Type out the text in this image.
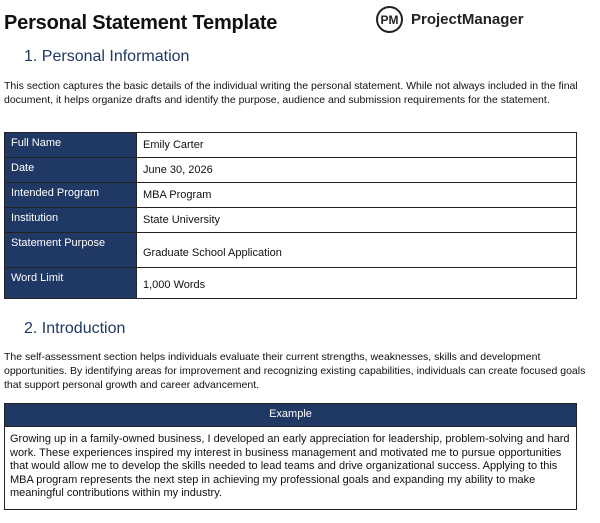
Personal Statement Template	PM ProjectManager
1. Personal Information
This section captures the basic details of the individual writing the personal statement. While not always included in the final document, it helps organize drafts and identify the purpose, audience and submission requirements for the statement.
Full Name	Emily Carter
Date	June 30, 2026
Intended Program	MBA Program
Institution	State University
Statement Purpose	Graduate School Application
Word Limit	1,000 Words
2. Introduction
The self-assessment section helps individuals evaluate their current strengths, weaknesses, skills and development opportunities. By identifying areas for improvement and recognizing existing capabilities, individuals can create focused goals that support personal growth and career advancement.
Example
Growing up in a family-owned business, I developed an early appreciation for leadership, problem-solving and hard work. These experiences inspired my interest in business management and motivated me to pursue opportunities that would allow me to develop the skills needed to lead teams and drive organizational success. Applying to this MBA program represents the next step in achieving my professional goals and expanding my ability to make meaningful contributions within my industry.
